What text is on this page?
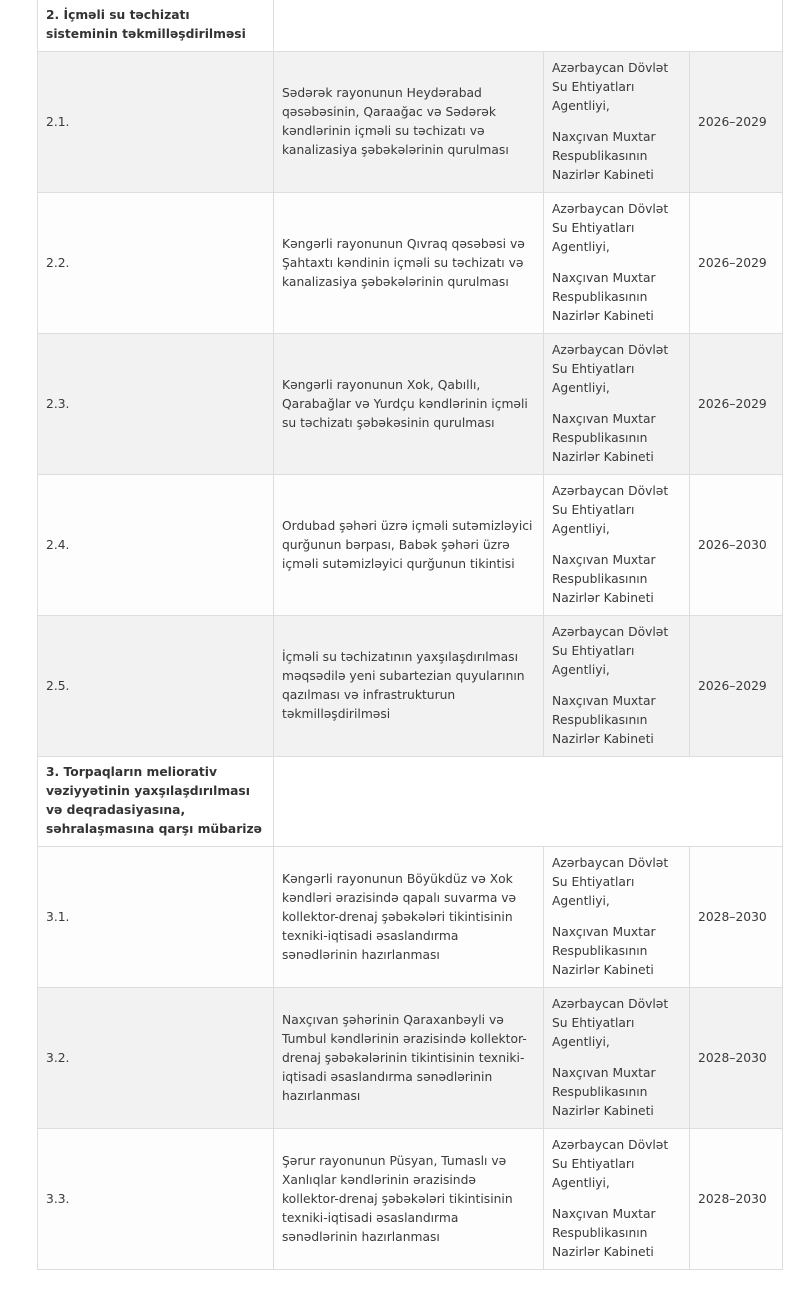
2. İçməli su təchizatı sisteminin təkmilləşdirilməsi			
2.1.	Sədərək rayonunun Heydərabad qəsəbəsinin, Qaraağac və Sədərək kəndlərinin içməli su təchizatı və kanalizasiya şəbəkələrinin qurulması	Azərbaycan Dövlət Su Ehtiyatları Agentliyi,

Naxçıvan Muxtar Respublikasının Nazirlər Kabineti	2026–2029
2.2.	Kəngərli rayonunun Qıvraq qəsəbəsi və Şahtaxtı kəndinin içməli su təchizatı və kanalizasiya şəbəkələrinin qurulması	Azərbaycan Dövlət Su Ehtiyatları Agentliyi,

Naxçıvan Muxtar Respublikasının Nazirlər Kabineti	2026–2029
2.3.	Kəngərli rayonunun Xok, Qabıllı, Qarabağlar və Yurdçu kəndlərinin içməli su təchizatı şəbəkəsinin qurulması	Azərbaycan Dövlət Su Ehtiyatları Agentliyi,

Naxçıvan Muxtar Respublikasının Nazirlər Kabineti	2026–2029
2.4.	Ordubad şəhəri üzrə içməli sutəmizləyici qurğunun bərpası, Babək şəhəri üzrə içməli sutəmizləyici qurğunun tikintisi	Azərbaycan Dövlət Su Ehtiyatları Agentliyi,

Naxçıvan Muxtar Respublikasının Nazirlər Kabineti	2026–2030
2.5.	İçməli su təchizatının yaxşılaşdırılması məqsədilə yeni subartezian quyularının qazılması və infrastrukturun təkmilləşdirilməsi	Azərbaycan Dövlət Su Ehtiyatları Agentliyi,

Naxçıvan Muxtar Respublikasının Nazirlər Kabineti	2026–2029
3. Torpaqların meliorativ vəziyyətinin yaxşılaşdırılması və deqradasiyasına, səhralaşmasına qarşı mübarizə			
3.1.	Kəngərli rayonunun Böyükdüz və Xok kəndləri ərazisində qapalı suvarma və kollektor-drenaj şəbəkələri tikintisinin texniki-iqtisadi əsaslandırma sənədlərinin hazırlanması	Azərbaycan Dövlət Su Ehtiyatları Agentliyi,

Naxçıvan Muxtar Respublikasının Nazirlər Kabineti	2028–2030
3.2.	Naxçıvan şəhərinin Qaraxanbəyli və Tumbul kəndlərinin ərazisində kollektor-drenaj şəbəkələrinin tikintisinin texniki-iqtisadi əsaslandırma sənədlərinin hazırlanması	Azərbaycan Dövlət Su Ehtiyatları Agentliyi,

Naxçıvan Muxtar Respublikasının Nazirlər Kabineti	2028–2030
3.3.	Şərur rayonunun Püsyan, Tumaslı və Xanlıqlar kəndlərinin ərazisində kollektor-drenaj şəbəkələri tikintisinin texniki-iqtisadi əsaslandırma sənədlərinin hazırlanması	Azərbaycan Dövlət Su Ehtiyatları Agentliyi,

Naxçıvan Muxtar Respublikasının Nazirlər Kabineti	2028–2030
